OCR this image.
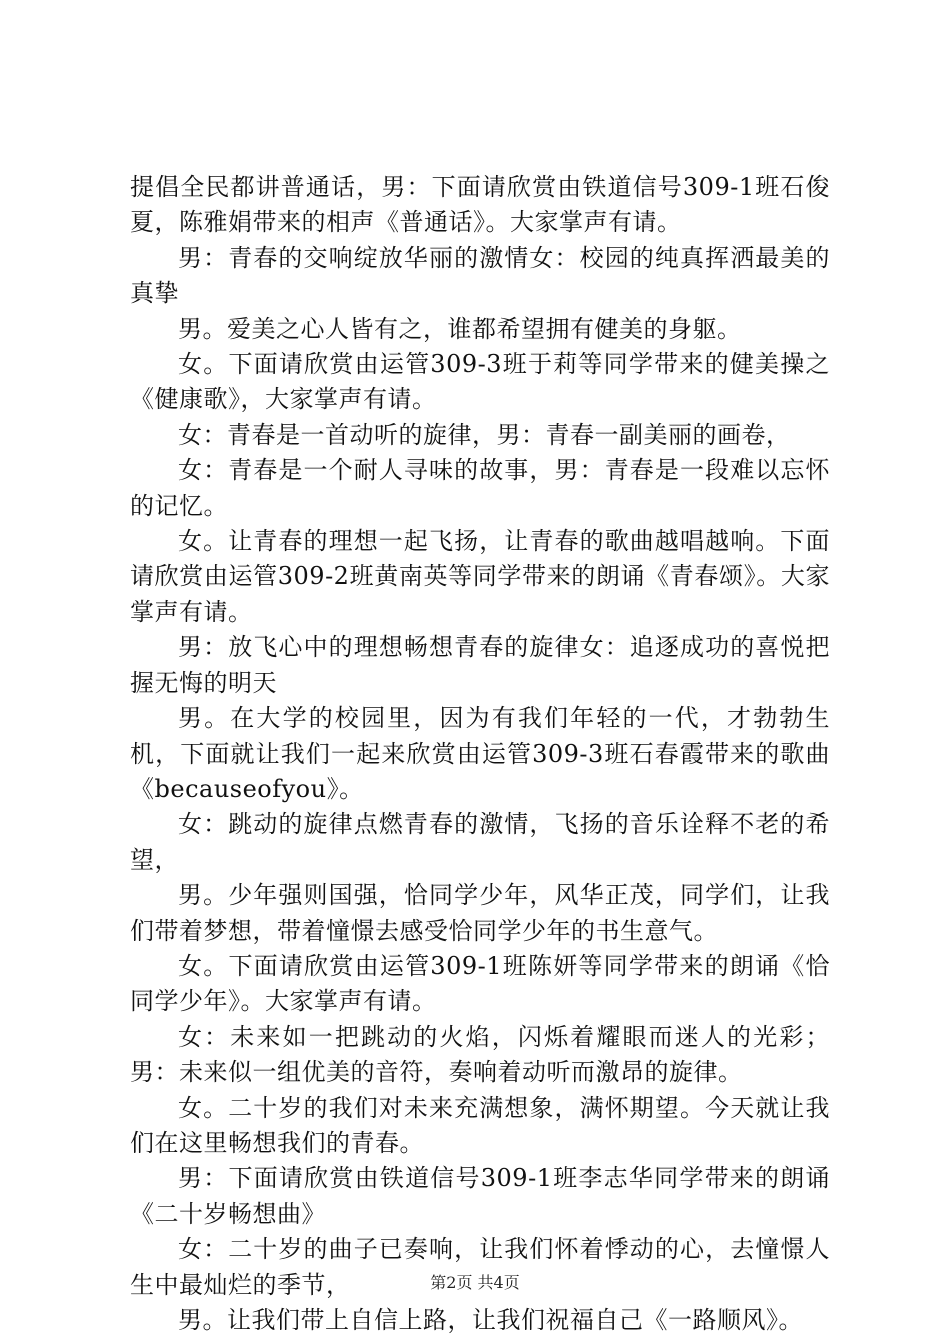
提倡全民都讲普通话，男：下面请欣赏由铁道信号309-1班石俊夏，陈雅娟带来的相声《普通话》。大家掌声有请。

男：青春的交响绽放华丽的激情女：校园的纯真挥洒最美的真挚

男。爱美之心人皆有之，谁都希望拥有健美的身躯。

女。下面请欣赏由运管309-3班于莉等同学带来的健美操之《健康歌》，大家掌声有请。

女：青春是一首动听的旋律，男：青春一副美丽的画卷，

女：青春是一个耐人寻味的故事，男：青春是一段难以忘怀的记忆。

女。让青春的理想一起飞扬，让青春的歌曲越唱越响。下面请欣赏由运管309-2班黄南英等同学带来的朗诵《青春颂》。大家掌声有请。

男：放飞心中的理想畅想青春的旋律女：追逐成功的喜悦把握无悔的明天

男。在大学的校园里，因为有我们年轻的一代，才勃勃生机，下面就让我们一起来欣赏由运管309-3班石春霞带来的歌曲《becauseofyou》。

女：跳动的旋律点燃青春的激情，飞扬的音乐诠释不老的希望，

男。少年强则国强，恰同学少年，风华正茂，同学们，让我们带着梦想，带着憧憬去感受恰同学少年的书生意气。

女。下面请欣赏由运管309-1班陈妍等同学带来的朗诵《恰同学少年》。大家掌声有请。

女：未来如一把跳动的火焰，闪烁着耀眼而迷人的光彩；男：未来似一组优美的音符，奏响着动听而激昂的旋律。

女。二十岁的我们对未来充满想象，满怀期望。今天就让我们在这里畅想我们的青春。

男：下面请欣赏由铁道信号309-1班李志华同学带来的朗诵《二十岁畅想曲》

女：二十岁的曲子已奏响，让我们怀着悸动的心，去憧憬人生中最灿烂的季节，

男。让我们带上自信上路，让我们祝福自己《一路顺风》。

第2页 共4页
